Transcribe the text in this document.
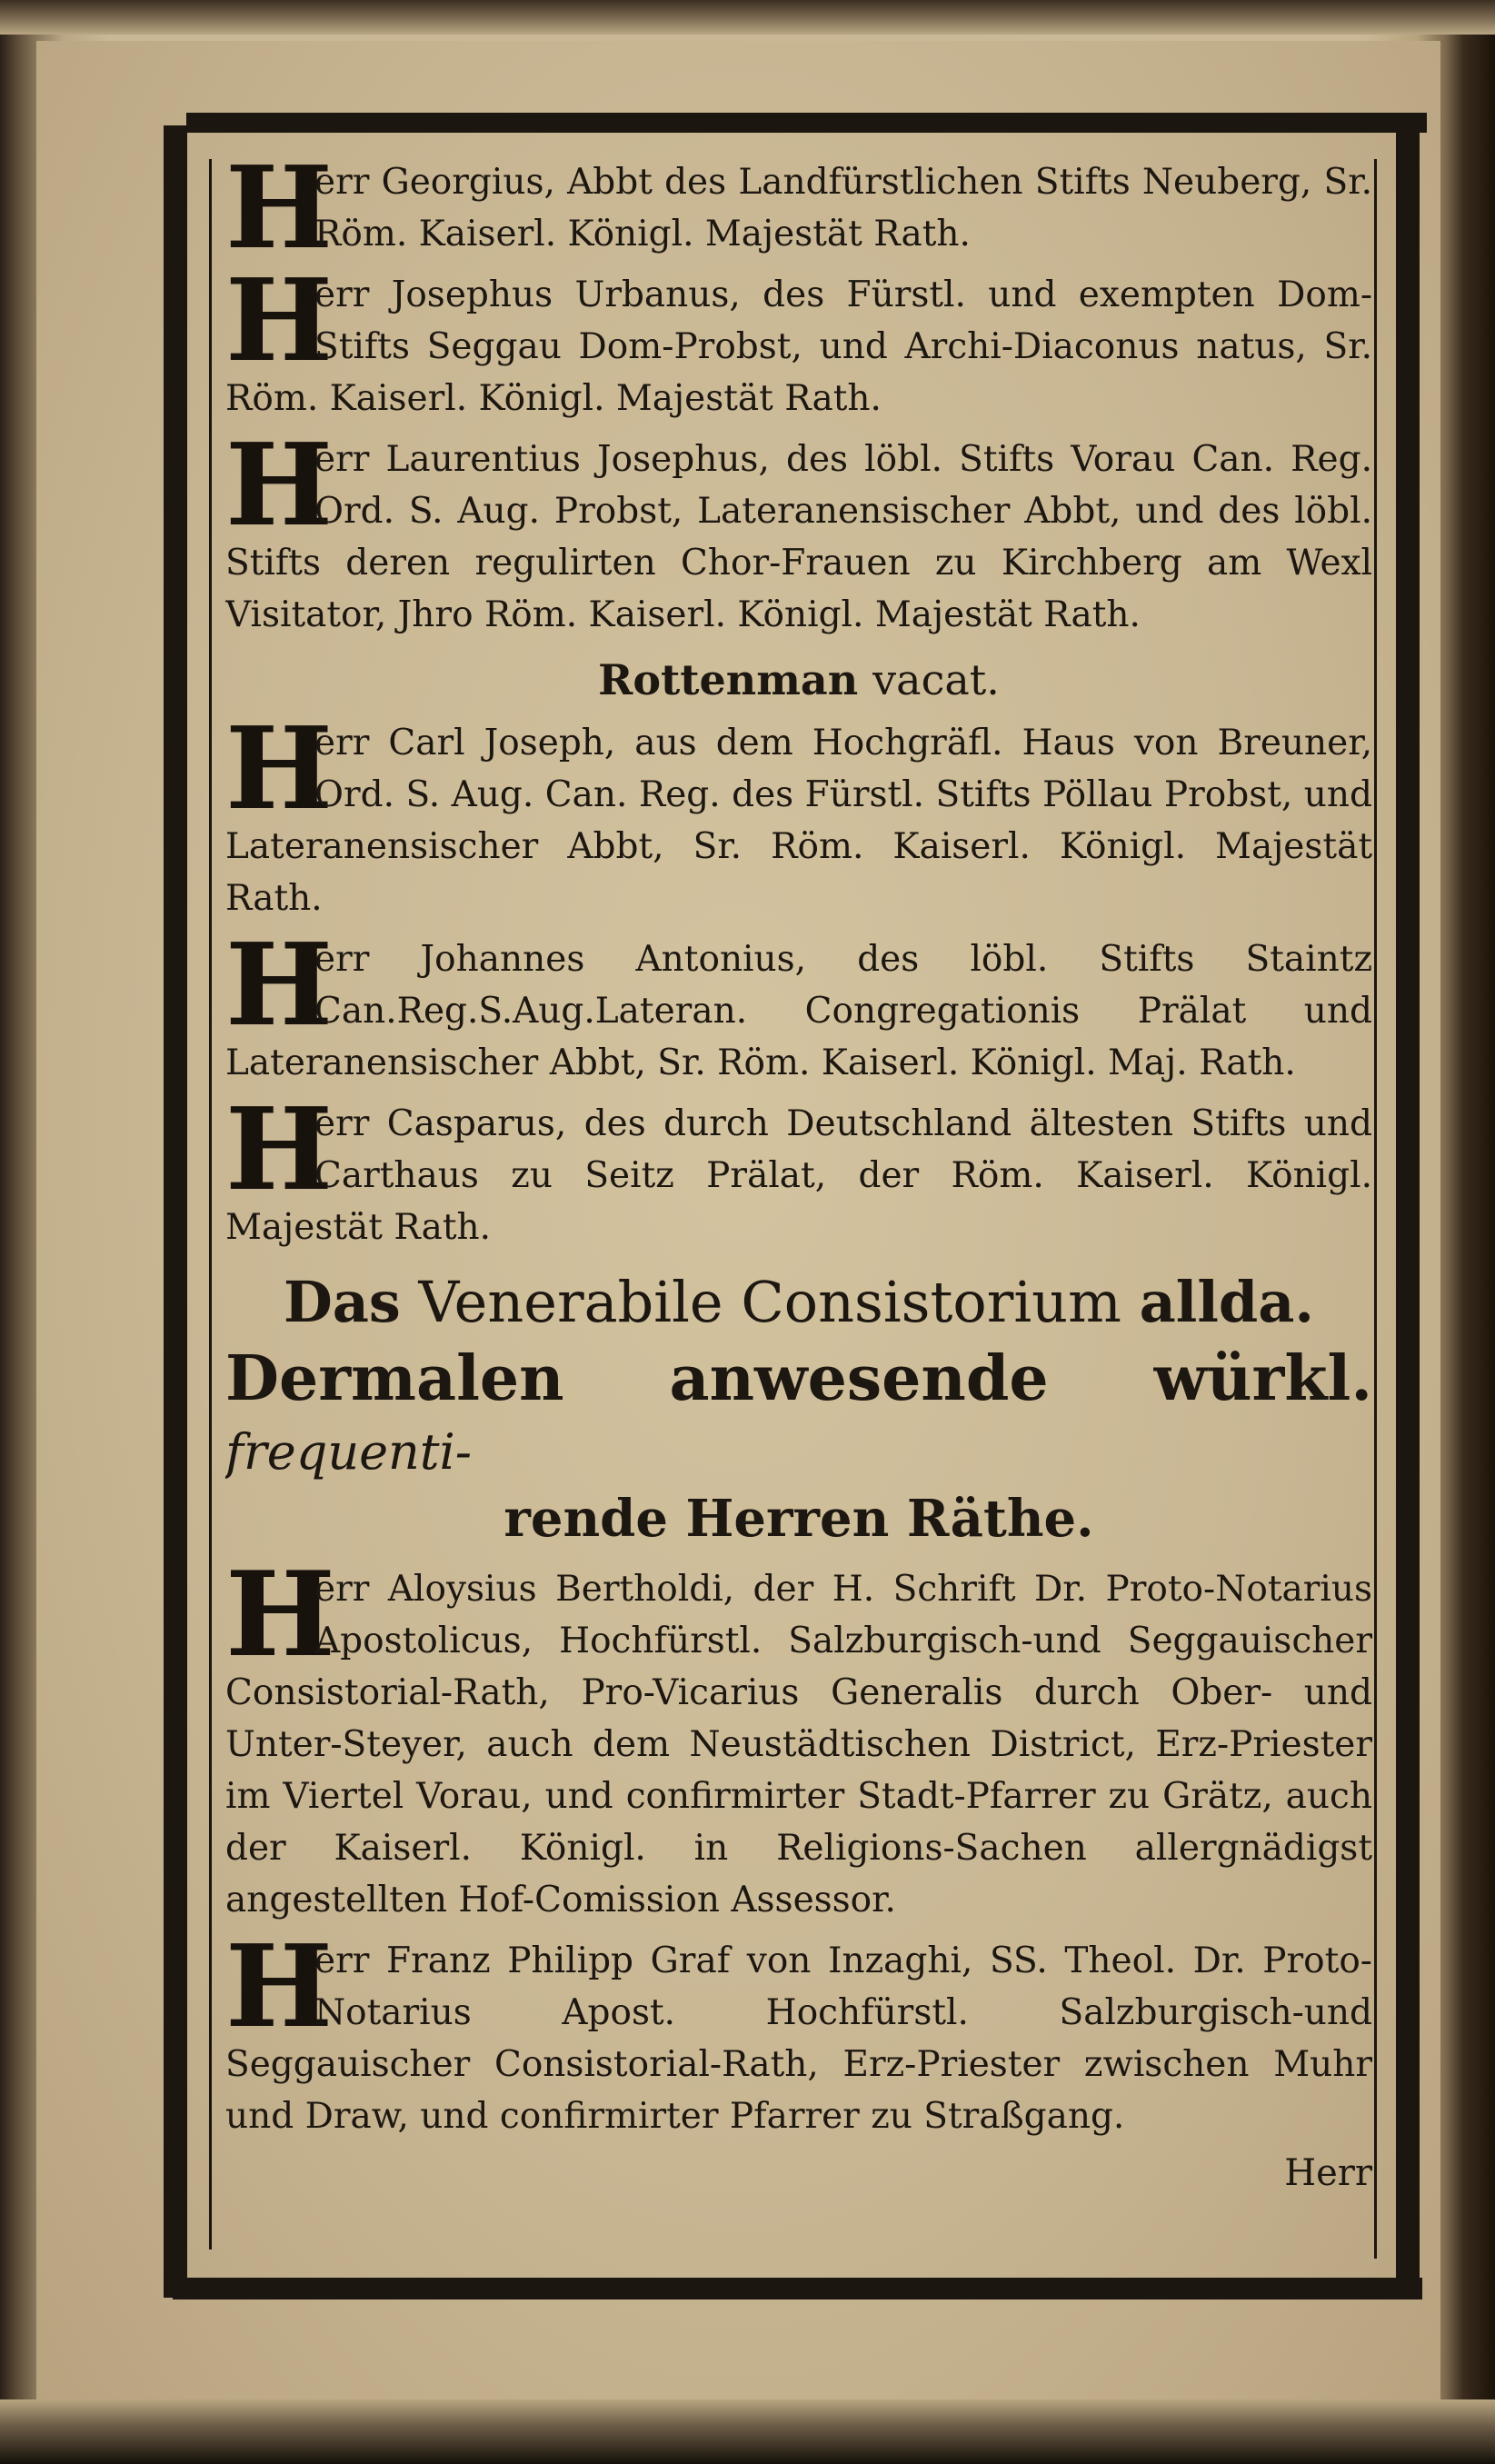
H
err Georgius, Abbt des Landfürstlichen Stifts Neuberg, Sr. Röm. Kaiserl. Königl. Majestät Rath.
H
err Josephus Urbanus, des Fürstl. und exempten Dom-Stifts Seggau Dom-Probst, und Archi-Diaconus natus, Sr. Röm. Kaiserl. Königl. Majestät Rath.
H
err Laurentius Josephus, des löbl. Stifts Vorau Can. Reg. Ord. S. Aug. Probst, Lateranensischer Abbt, und des löbl. Stifts deren regulirten Chor-Frauen zu Kirchberg am Wexl Visitator, Jhro Röm. Kaiserl. Königl. Majestät Rath.
Rottenman vacat.
H
err Carl Joseph, aus dem Hochgräfl. Haus von Breuner, Ord. S. Aug. Can. Reg. des Fürstl. Stifts Pöllau Probst, und Lateranensischer Abbt, Sr. Röm. Kaiserl. Königl. Majestät Rath.
H
err Johannes Antonius, des löbl. Stifts Staintz Can.Reg.S.Aug.Lateran. Congregationis Prälat und Lateranensischer Abbt, Sr. Röm. Kaiserl. Königl. Maj. Rath.
H
err Casparus, des durch Deutschland ältesten Stifts und Carthaus zu Seitz Prälat, der Röm. Kaiserl. Königl. Majestät Rath.
Das Venerabile Consistorium allda.
Dermalen anwesende würkl. frequenti-
rende Herren Räthe.
H
err Aloysius Bertholdi, der H. Schrift Dr. Proto-Notarius Apostolicus, Hochfürstl. Salzburgisch-und Seggauischer Consistorial-Rath, Pro-Vicarius Generalis durch Ober- und Unter-Steyer, auch dem Neustädtischen District, Erz-Priester im Viertel Vorau, und confirmirter Stadt-Pfarrer zu Grätz, auch der Kaiserl. Königl. in Religions-Sachen allergnädigst angestellten Hof-Comission Assessor.
H
err Franz Philipp Graf von Inzaghi, SS. Theol. Dr. Proto-Notarius Apost. Hochfürstl. Salzburgisch-und Seggauischer Consistorial-Rath, Erz-Priester zwischen Muhr und Draw, und confirmirter Pfarrer zu Straßgang.
Herr
